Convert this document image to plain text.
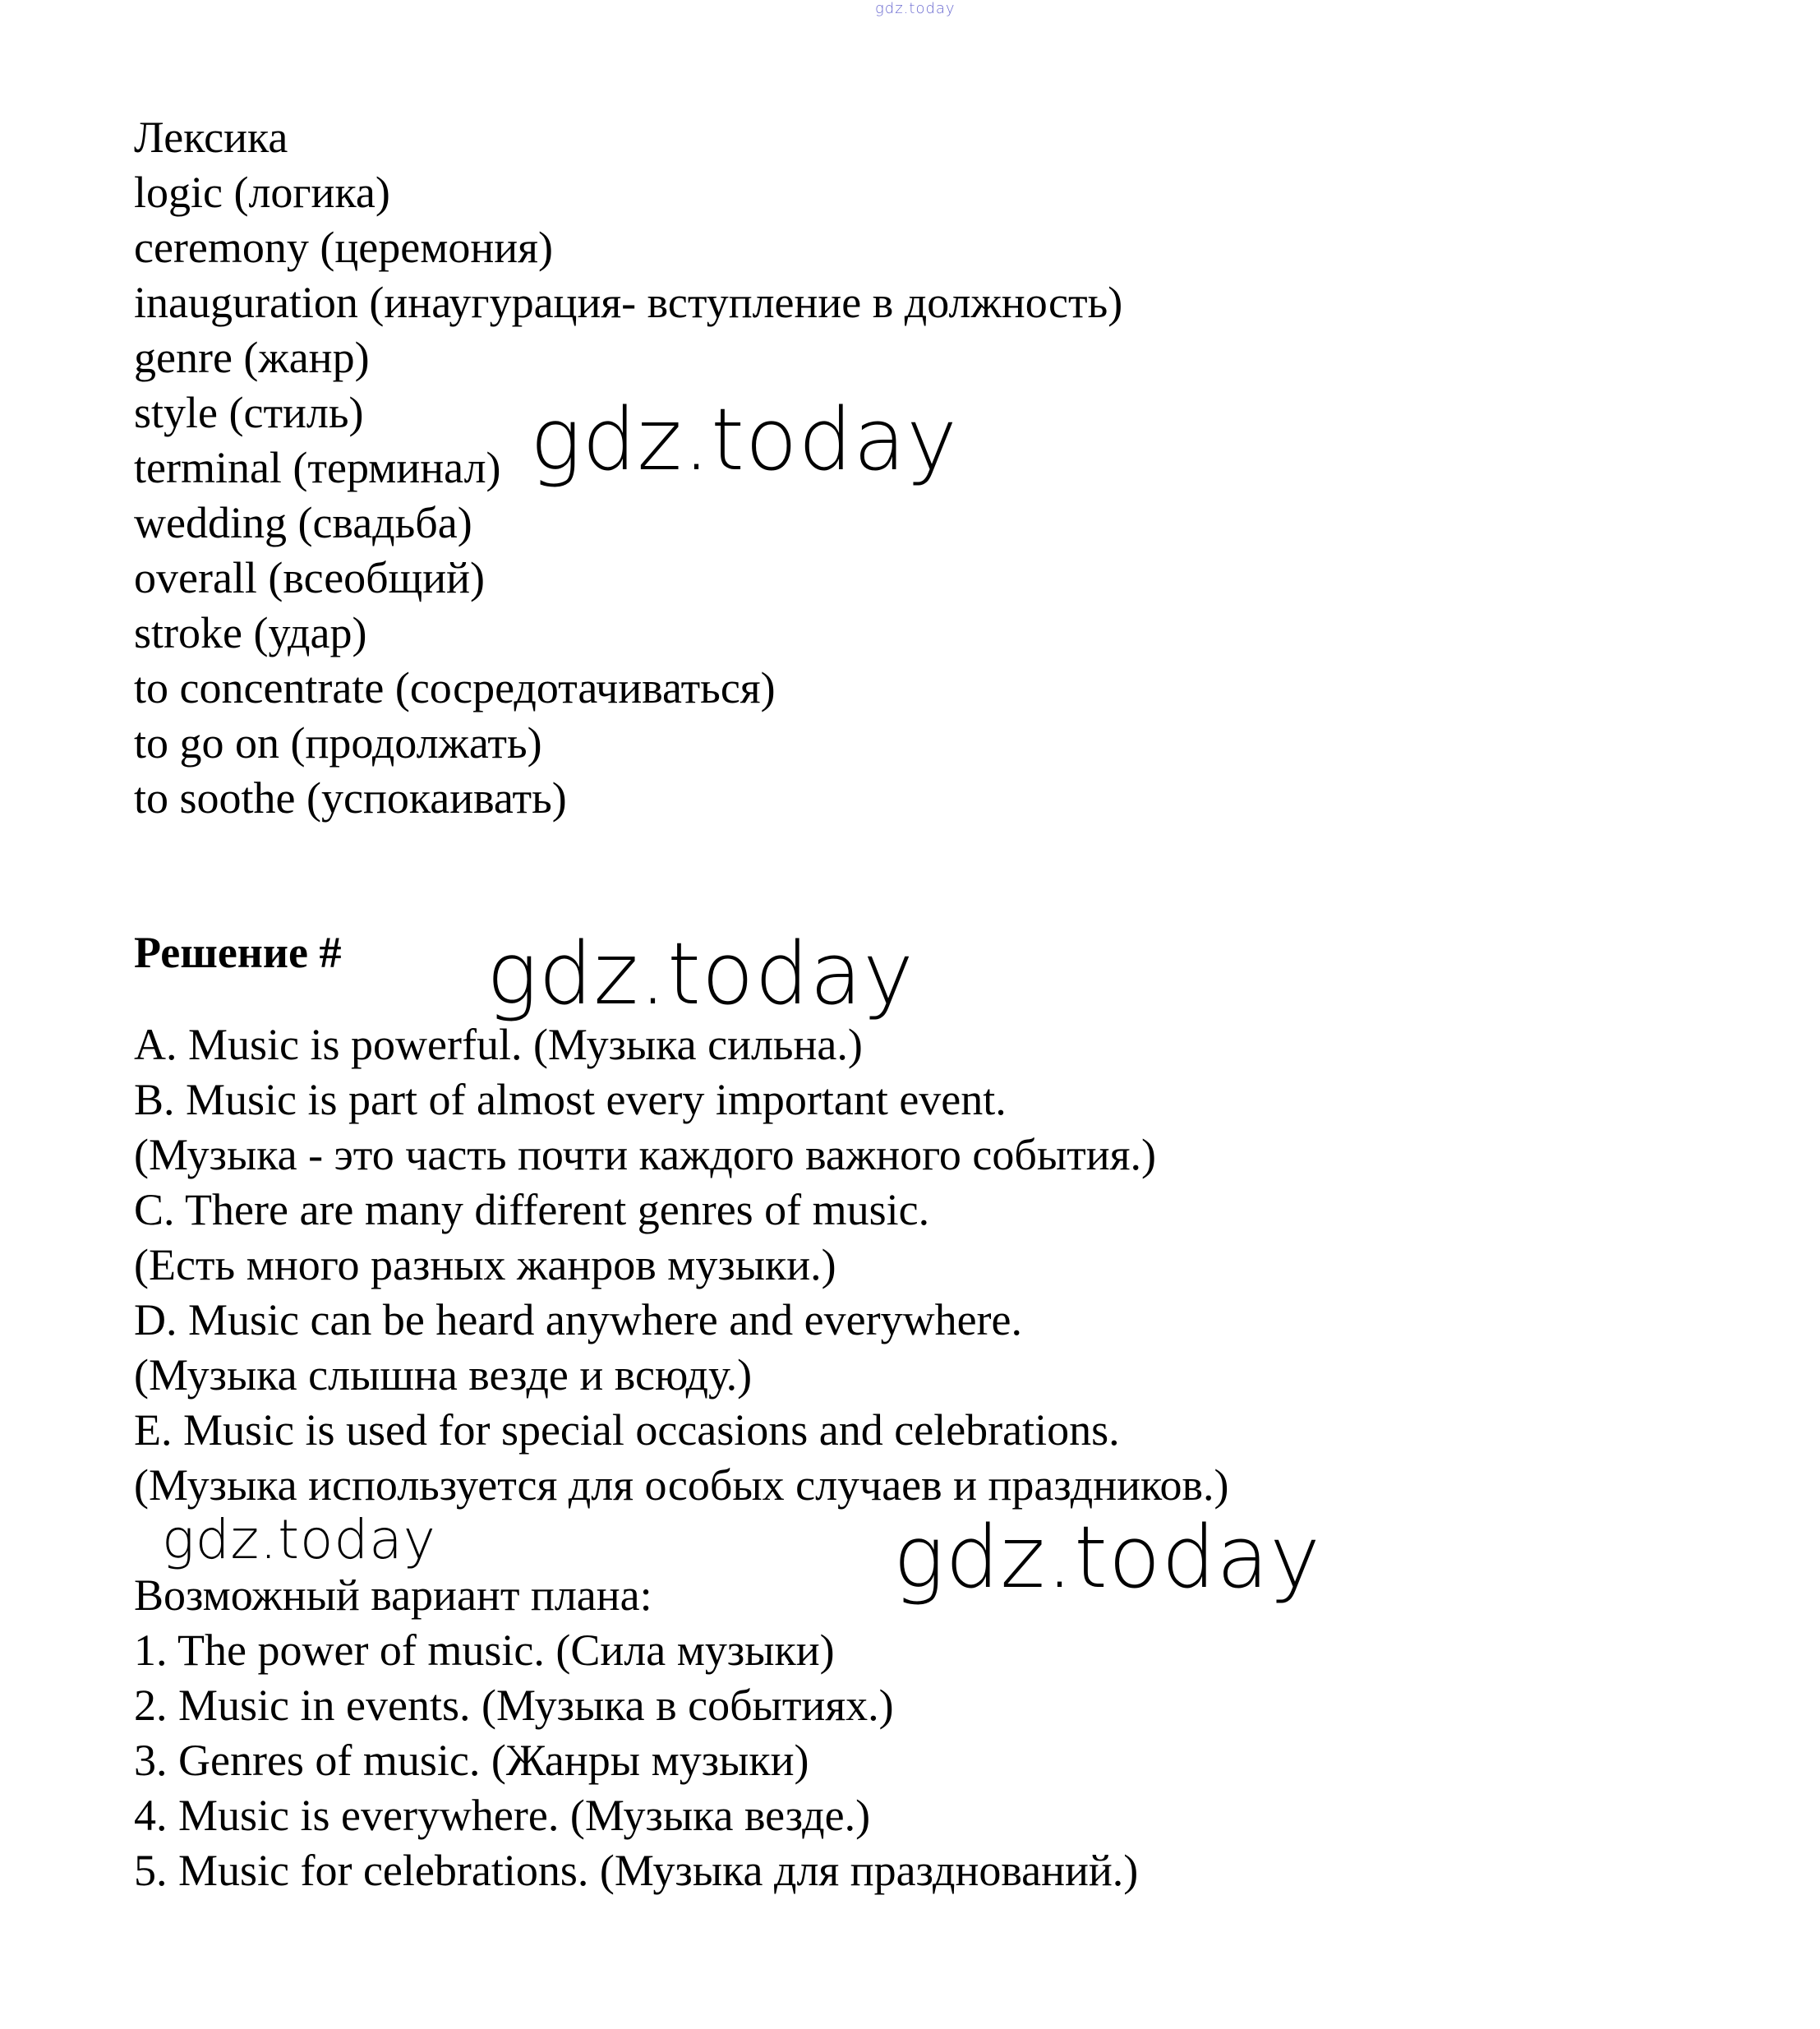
gdz.today
Лексика
logic (логика)
ceremony (церемония)
inauguration (инаугурация- вступление в должность)
genre (жанр)
style (стиль)
terminal (терминал)
wedding (свадьба)
overall (всеобщий)
stroke (удар)
to concentrate (сосредотачиваться)
to go on (продолжать)
to soothe (успокаивать)
Решение #
A. Music is powerful. (Музыка сильна.)
B. Music is part of almost every important event.
(Музыка - это часть почти каждого важного события.)
C. There are many different genres of music.
(Есть много разных жанров музыки.)
D. Music can be heard anywhere and everywhere.
(Музыка слышна везде и всюду.)
E. Music is used for special occasions and celebrations.
(Музыка используется для особых случаев и праздников.)
Возможный вариант плана:
1. The power of music. (Сила музыки)
2. Music in events. (Музыка в событиях.)
3. Genres of music. (Жанры музыки)
4. Music is everywhere. (Музыка везде.)
5. Music for celebrations. (Музыка для празднований.)
gdz.today
gdz.today
gdz.today	gdz.today
